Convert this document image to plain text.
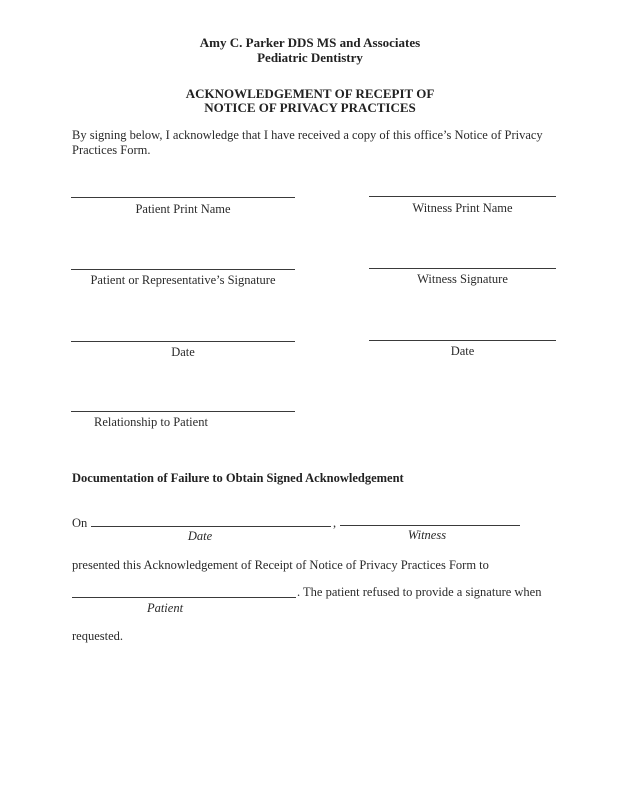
Amy C. Parker DDS MS and Associates
Pediatric Dentistry
ACKNOWLEDGEMENT OF RECEPIT OF
NOTICE OF PRIVACY PRACTICES
By signing below, I acknowledge that I have received a copy of this office’s Notice of Privacy
Practices Form.
Patient Print Name	Witness Print Name
Patient or Representative’s Signature	Witness Signature
Date	Date
Relationship to Patient
Documentation of Failure to Obtain Signed Acknowledgement
On	,
Date	Witness
presented this Acknowledgement of Receipt of Notice of Privacy Practices Form to
. The patient refused to provide a signature when
Patient
requested.
